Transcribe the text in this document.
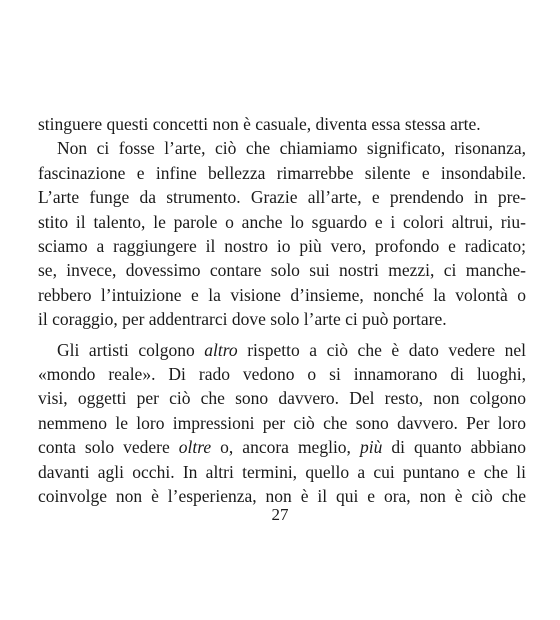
stinguere questi concetti non è casuale, diventa essa stessa arte.
Non ci fosse l’arte, ciò che chiamiamo significato, risonanza,
fascinazione e infine bellezza rimarrebbe silente e insondabile.
L’arte funge da strumento. Grazie all’arte, e prendendo in pre-
stito il talento, le parole o anche lo sguardo e i colori altrui, riu-
sciamo a raggiungere il nostro io più vero, profondo e radicato;
se, invece, dovessimo contare solo sui nostri mezzi, ci manche-
rebbero l’intuizione e la visione d’insieme, nonché la volontà o
il coraggio, per addentrarci dove solo l’arte ci può portare.
Gli artisti colgono altro rispetto a ciò che è dato vedere nel
«mondo reale». Di rado vedono o si innamorano di luoghi,
visi, oggetti per ciò che sono davvero. Del resto, non colgono
nemmeno le loro impressioni per ciò che sono davvero. Per loro
conta solo vedere oltre o, ancora meglio, più di quanto abbiano
davanti agli occhi. In altri termini, quello a cui puntano e che li
coinvolge non è l’esperienza, non è il qui e ora, non è ciò che
27
